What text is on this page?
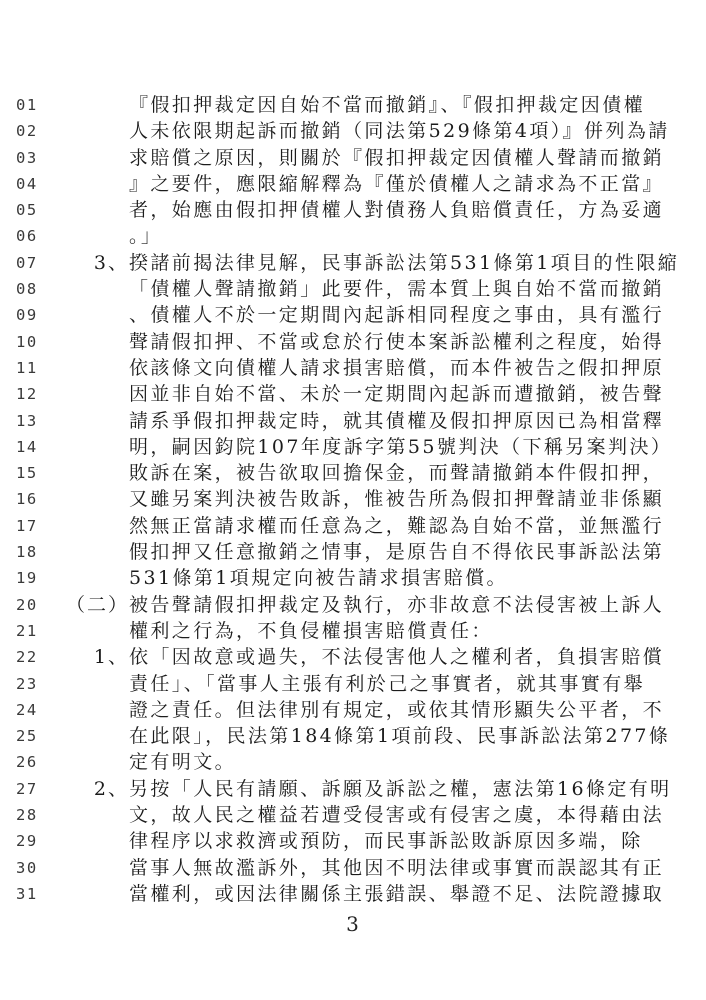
01	『假扣押裁定因自始不當而撤銷』、『假扣押裁定因債權
02	人未依限期起訴而撤銷（同法第529條第4項）』併列為請
03	求賠償之原因，則關於『假扣押裁定因債權人聲請而撤銷
04	』之要件，應限縮解釋為『僅於債權人之請求為不正當』
05	者，始應由假扣押債權人對債務人負賠償責任，方為妥適
06	。」
07	3、 揆諸前揭法律見解，民事訴訟法第531條第1項目的性限縮
08	「債權人聲請撤銷」此要件，需本質上與自始不當而撤銷
09	、債權人不於一定期間內起訴相同程度之事由，具有濫行
10	聲請假扣押、不當或怠於行使本案訴訟權利之程度，始得
11	依該條文向債權人請求損害賠償，而本件被告之假扣押原
12	因並非自始不當、未於一定期間內起訴而遭撤銷，被告聲
13	請系爭假扣押裁定時，就其債權及假扣押原因已為相當釋
14	明，嗣因鈞院107年度訴字第55號判決（下稱另案判決）
15	敗訴在案，被告欲取回擔保金，而聲請撤銷本件假扣押，
16	又雖另案判決被告敗訴，惟被告所為假扣押聲請並非係顯
17	然無正當請求權而任意為之，難認為自始不當，並無濫行
18	假扣押又任意撤銷之情事，是原告自不得依民事訴訟法第
19	531條第1項規定向被告請求損害賠償。
20	（二） 被告聲請假扣押裁定及執行，亦非故意不法侵害被上訴人
21	權利之行為，不負侵權損害賠償責任：
22	1、 依「因故意或過失，不法侵害他人之權利者，負損害賠償
23	責任」、「當事人主張有利於己之事實者，就其事實有舉
24	證之責任。但法律別有規定，或依其情形顯失公平者，不
25	在此限」，民法第184條第1項前段、民事訴訟法第277條
26	定有明文。
27	2、 另按「人民有請願、訴願及訴訟之權，憲法第16條定有明
28	文，故人民之權益若遭受侵害或有侵害之虞，本得藉由法
29	律程序以求救濟或預防，而民事訴訟敗訴原因多端，除
30	當事人無故濫訴外，其他因不明法律或事實而誤認其有正
31	當權利，或因法律關係主張錯誤、舉證不足、法院證據取
3
